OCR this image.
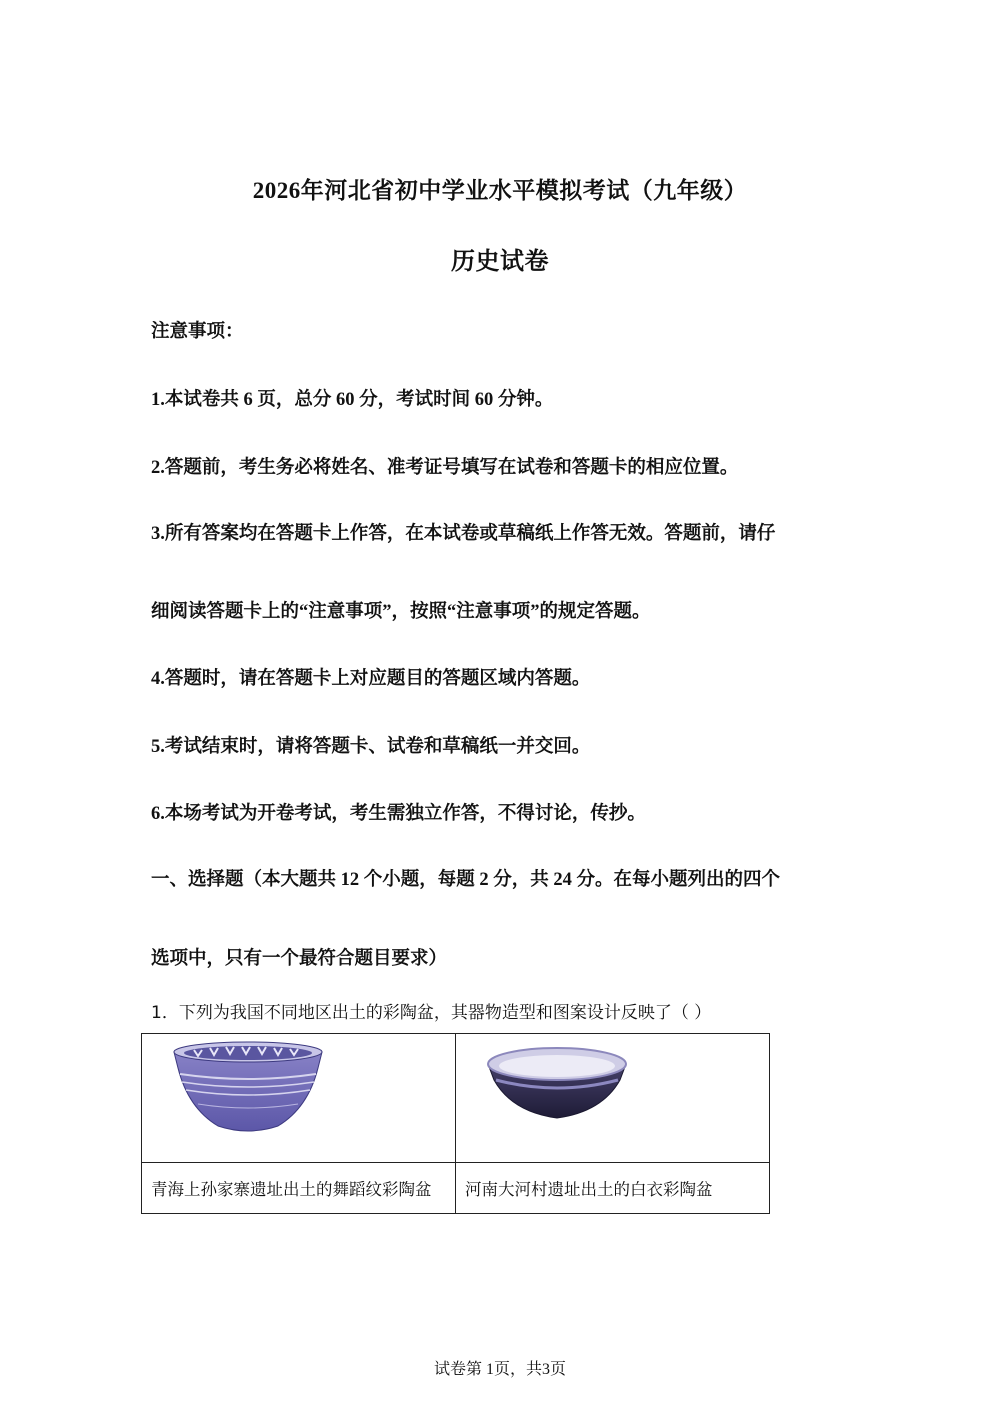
2026年河北省初中学业水平模拟考试（九年级）
历史试卷
注意事项：
1.本试卷共 6 页，总分 60 分，考试时间 60 分钟。
2.答题前，考生务必将姓名、准考证号填写在试卷和答题卡的相应位置。
3.所有答案均在答题卡上作答，在本试卷或草稿纸上作答无效。答题前，请仔
细阅读答题卡上的“注意事项”，按照“注意事项”的规定答题。
4.答题时，请在答题卡上对应题目的答题区域内答题。
5.考试结束时，请将答题卡、试卷和草稿纸一并交回。
6.本场考试为开卷考试，考生需独立作答，不得讨论，传抄。
一、选择题（本大题共 12 个小题，每题 2 分，共 24 分。在每小题列出的四个
选项中，只有一个最符合题目要求）
1．下列为我国不同地区出土的彩陶盆，其器物造型和图案设计反映了（ ）

青海上孙家寨遗址出土的舞蹈纹彩陶盆	河南大河村遗址出土的白衣彩陶盆
试卷第 1页，共3页
